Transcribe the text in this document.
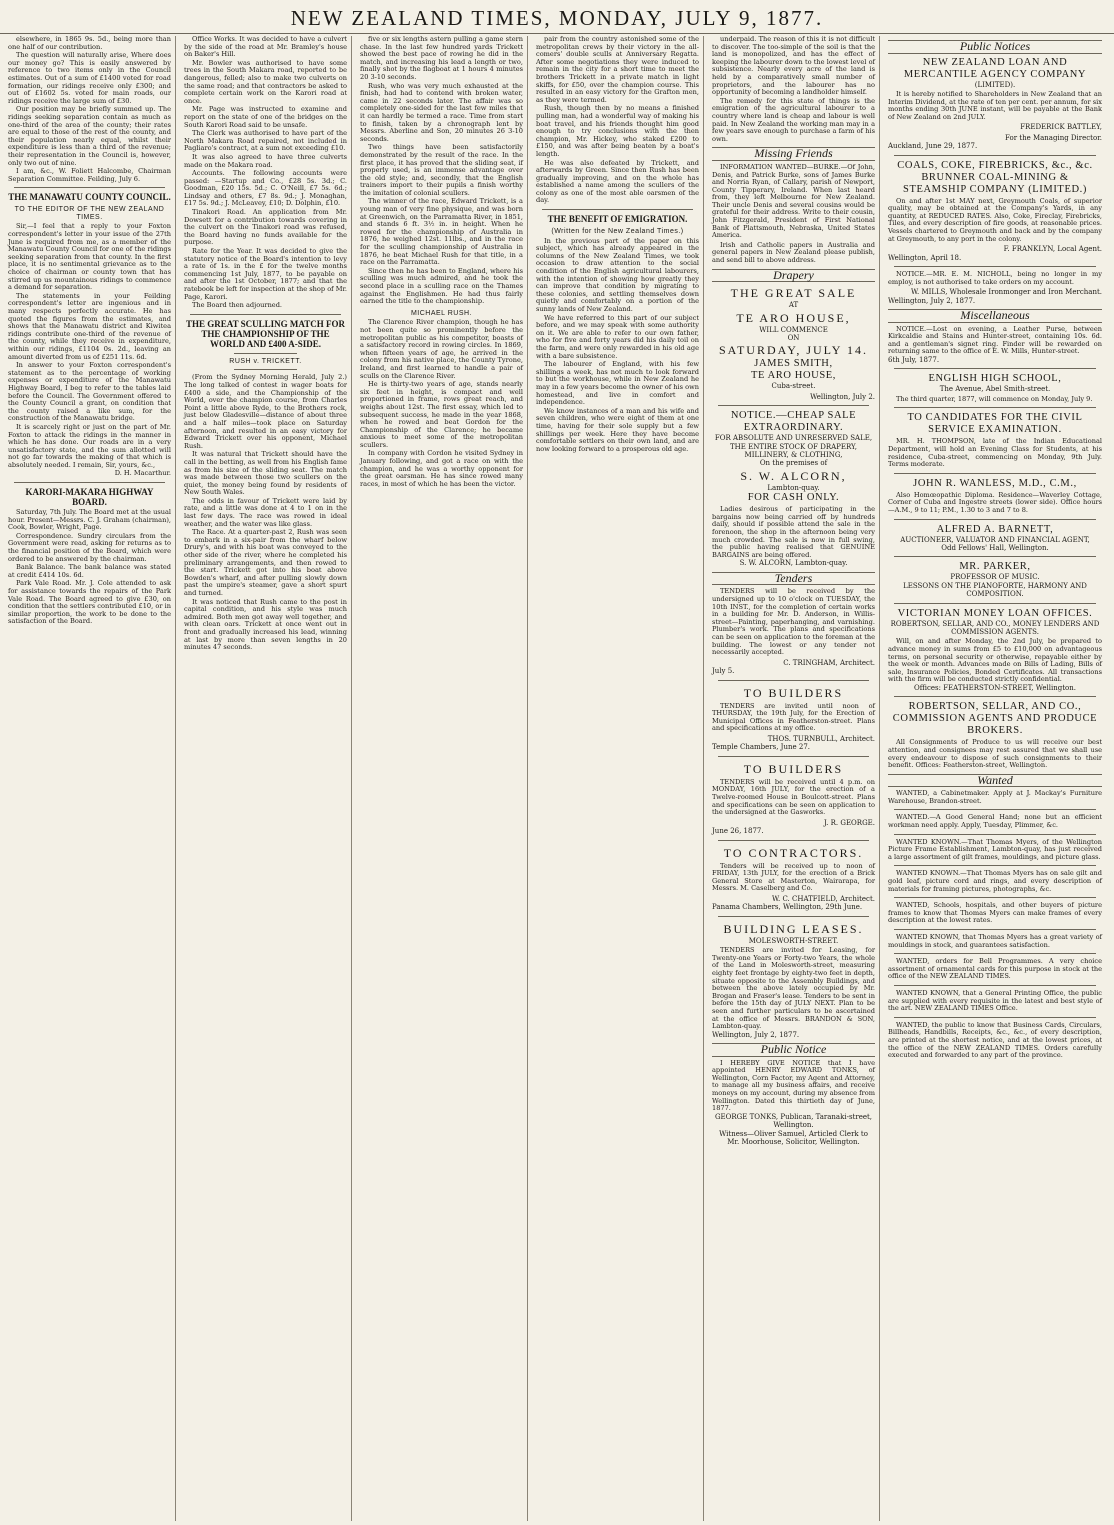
NEW ZEALAND TIMES, MONDAY, JULY 9, 1877.

elsewhere, in 1865 9s. 5d., being more than one half of our contribution.

The question will naturally arise, Where does our money go? This is easily answered by reference to two items only in the Council estimates. Out of a sum of £1400 voted for road formation, our ridings receive only £300; and out of £1602 5s. voted for main roads, our ridings receive the large sum of £30.

Our position may be briefly summed up. The ridings seeking separation contain as much as one-third of the area of the county; their rates are equal to those of the rest of the county, and their population nearly equal, whilst their expenditure is less than a third of the revenue; their representation in the Council is, however, only two out of nine.

I am, &c., W. Foliett Halcombe, Chairman Separation Committee. Feilding, July 6.

THE MANAWATU COUNTY COUNCIL.
TO THE EDITOR OF THE NEW ZEALAND TIMES.

Sir,—I feel that a reply to your Foxton correspondent's letter in your issue of the 27th June is required from me, as a member of the Manawatu County Council for one of the ridings seeking separation from that county. In the first place, it is no sentimental grievance as to the choice of chairman or county town that has stirred up us mountainous ridings to commence a demand for separation.

The statements in your Feilding correspondent's letter are ingenious and in many respects perfectly accurate. He has quoted the figures from the estimates, and shows that the Manawatu district and Kiwitea ridings contribute one-third of the revenue of the county, while they receive in expenditure, within our ridings, £1104 0s. 2d., leaving an amount diverted from us of £251 11s. 6d.

In answer to your Foxton correspondent's statement as to the percentage of working expenses or expenditure of the Manawatu Highway Board, I beg to refer to the tables laid before the Council. The Government offered to the County Council a grant, on condition that the county raised a like sum, for the construction of the Manawatu bridge.

It is scarcely right or just on the part of Mr. Foxton to attack the ridings in the manner in which he has done. Our roads are in a very unsatisfactory state, and the sum allotted will not go far towards the making of that which is absolutely needed. I remain, Sir, yours, &c.,

D. H. Macarthur.

KARORI-MAKARA HIGHWAY BOARD.

Saturday, 7th July. The Board met at the usual hour. Present—Messrs. C. J. Graham (chairman), Cook, Bowler, Wright, Page.

Correspondence. Sundry circulars from the Government were read, asking for returns as to the financial position of the Board, which were ordered to be answered by the chairman.

Bank Balance. The bank balance was stated at credit £414 10s. 6d.

Park Vale Road. Mr. J. Cole attended to ask for assistance towards the repairs of the Park Vale Road. The Board agreed to give £30, on condition that the settlers contributed £10, or in similar proportion, the work to be done to the satisfaction of the Board.

Office Works. It was decided to have a culvert by the side of the road at Mr. Bramley's house on Baker's Hill.

Mr. Bowler was authorised to have some trees in the South Makara road, reported to be dangerous, felled; also to make two culverts on the same road; and that contractors be asked to complete certain work on the Karori road at once.

Mr. Page was instructed to examine and report on the state of one of the bridges on the South Karori Road said to be unsafe.

The Clerk was authorised to have part of the North Makara Road repaired, not included in Pagliaro's contract, at a sum not exceeding £10.

It was also agreed to have three culverts made on the Makara road.

Accounts. The following accounts were passed: —Startup and Co., £28 5s. 3d.; C. Goodman, £20 15s. 5d.; C. O'Neill, £7 5s. 6d.; Lindsay and others, £7 8s. 9d.; J. Monaghan, £17 5s. 9d.; J. McLeavey, £10; D. Dolphin, £10.

Tinakori Road. An application from Mr. Dowsett for a contribution towards covering in the culvert on the Tinakori road was refused, the Board having no funds available for the purpose.

Rate for the Year. It was decided to give the statutory notice of the Board's intention to levy a rate of 1s. in the £ for the twelve months commencing 1st July, 1877, to be payable on and after the 1st October, 1877; and that the ratebook be left for inspection at the shop of Mr. Page, Karori.

The Board then adjourned.

THE GREAT SCULLING MATCH FOR THE CHAMPIONSHIP OF THE WORLD AND £400 A-SIDE.
RUSH v. TRICKETT.

(From the Sydney Morning Herald, July 2.) The long talked of contest in wager boats for £400 a side, and the Championship of the World, over the champion course, from Charles Point a little above Ryde, to the Brothers rock, just below Gladesville—distance of about three and a half miles—took place on Saturday afternoon, and resulted in an easy victory for Edward Trickett over his opponent, Michael Rush.

It was natural that Trickett should have the call in the betting, as well from his English fame as from his size of the sliding seat. The match was made between those two scullers on the quiet, the money being found by residents of New South Wales.

The odds in favour of Trickett were laid by rate, and a little was done at 4 to 1 on in the last few days. The race was rowed in ideal weather, and the water was like glass.

The Race. At a quarter-past 2, Rush was seen to embark in a six-pair from the wharf below Drury's, and with his boat was conveyed to the other side of the river, where he completed his preliminary arrangements, and then rowed to the start. Trickett got into his boat above Bowden's wharf, and after pulling slowly down past the umpire's steamer, gave a short spurt and turned.

It was noticed that Rush came to the post in capital condition, and his style was much admired. Both men got away well together, and with clean oars. Trickett at once went out in front and gradually increased his lead, winning at last by more than seven lengths in 20 minutes 47 seconds.

five or six lengths astern pulling a game stern chase. In the last few hundred yards Trickett showed the best pace of rowing he did in the match, and increasing his lead a length or two, finally shot by the flagboat at 1 hours 4 minutes 20 3-10 seconds.

Rush, who was very much exhausted at the finish, had had to contend with broken water, came in 22 seconds later. The affair was so completely one-sided for the last few miles that it can hardly be termed a race. Time from start to finish, taken by a chronograph lent by Messrs. Aberline and Son, 20 minutes 26 3-10 seconds.

Two things have been satisfactorily demonstrated by the result of the race. In the first place, it has proved that the sliding seat, if properly used, is an immense advantage over the old style; and, secondly, that the English trainers import to their pupils a finish worthy the imitation of colonial scullers.

The winner of the race, Edward Trickett, is a young man of very fine physique, and was born at Greenwich, on the Parramatta River, in 1851, and stands 6 ft. 3½ in. in height. When he rowed for the championship of Australia in 1876, he weighed 12st. 11lbs., and in the race for the sculling championship of Australia in 1876, he beat Michael Rush for that title, in a race on the Parramatta.

Since then he has been to England, where his sculling was much admired, and he took the second place in a sculling race on the Thames against the Englishmen. He had thus fairly earned the title to the championship.

MICHAEL RUSH.

The Clarence River champion, though he has not been quite so prominently before the metropolitan public as his competitor, boasts of a satisfactory record in rowing circles. In 1869, when fifteen years of age, he arrived in the colony from his native place, the County Tyrone, Ireland, and first learned to handle a pair of sculls on the Clarence River.

He is thirty-two years of age, stands nearly six feet in height, is compact and well proportioned in frame, rows great reach, and weighs about 12st. The first essay, which led to subsequent success, he made in the year 1868, when he rowed and beat Gordon for the Championship of the Clarence; he became anxious to meet some of the metropolitan scullers.

In company with Cordon he visited Sydney in January following, and got a race on with the champion, and he was a worthy opponent for the great oarsman. He has since rowed many races, in most of which he has been the victor.

pair from the country astonished some of the metropolitan crews by their victory in the all-comers' double sculls at Anniversary Regatta. After some negotiations they were induced to remain in the city for a short time to meet the brothers Trickett in a private match in light skiffs, for £50, over the champion course. This resulted in an easy victory for the Grafton men, as they were termed.

Rush, though then by no means a finished pulling man, had a wonderful way of making his boat travel, and his friends thought him good enough to try conclusions with the then champion, Mr. Hickey, who staked £200 to £150, and was after being beaten by a boat's length.

He was also defeated by Trickett, and afterwards by Green. Since then Rush has been gradually improving, and on the whole has established a name among the scullers of the colony as one of the most able oarsmen of the day.

THE BENEFIT OF EMIGRATION.
(Written for the New Zealand Times.)

In the previous part of the paper on this subject, which has already appeared in the columns of the New Zealand Times, we took occasion to draw attention to the social condition of the English agricultural labourers, with the intention of showing how greatly they can improve that condition by migrating to these colonies, and settling themselves down quietly and comfortably on a portion of the sunny lands of New Zealand.

We have referred to this part of our subject before, and we may speak with some authority on it. We are able to refer to our own father, who for five and forty years did his daily toil on the farm, and were only rewarded in his old age with a bare subsistence.

The labourer of England, with his few shillings a week, has not much to look forward to but the workhouse, while in New Zealand he may in a few years become the owner of his own homestead, and live in comfort and independence.

We know instances of a man and his wife and seven children, who were eight of them at one time, having for their sole supply but a few shillings per week. Here they have become comfortable settlers on their own land, and are now looking forward to a prosperous old age.

underpaid. The reason of this it is not difficult to discover. The too-simple of the soil is that the land is monopolized, and has the effect of keeping the labourer down to the lowest level of subsistence. Nearly every acre of the land is held by a comparatively small number of proprietors, and the labourer has no opportunity of becoming a landholder himself.

The remedy for this state of things is the emigration of the agricultural labourer to a country where land is cheap and labour is well paid. In New Zealand the working man may in a few years save enough to purchase a farm of his own.

Missing Friends
INFORMATION WANTED—BURKE.—Of John, Denis, and Patrick Burke, sons of James Burke and Norria Ryan, of Callary, parish of Newport, County Tipperary, Ireland. When last heard from, they left Melbourne for New Zealand. Their uncle Denis and several cousins would be grateful for their address. Write to their cousin, John Fitzgerald, President of First National Bank of Plattsmouth, Nebraska, United States America.
Irish and Catholic papers in Australia and general papers in New Zealand please publish, and send bill to above address.
Drapery
THE GREAT SALE
AT
TE ARO HOUSE,
WILL COMMENCE
ON
SATURDAY, JULY 14.
JAMES SMITH,
TE ARO HOUSE,
Cuba-street.
Wellington, July 2.
NOTICE.—CHEAP SALE EXTRAORDINARY.
FOR ABSOLUTE AND UNRESERVED SALE, THE ENTIRE STOCK OF DRAPERY, MILLINERY, & CLOTHING,
On the premises of
S. W. ALCORN,
Lambton-quay.
FOR CASH ONLY.
Ladies desirous of participating in the bargains now being carried off by hundreds daily, should if possible attend the sale in the forenoon, the shop in the afternoon being very much crowded. The sale is now in full swing, the public having realised that GENUINE BARGAINS are being offered.
S. W. ALCORN, Lambton-quay.
Tenders
TENDERS will be received by the undersigned up to 10 o'clock on TUESDAY, the 10th INST., for the completion of certain works in a building for Mr. D. Anderson, in Willis-street—Painting, paperhanging, and varnishing. Plumber's work. The plans and specifications can be seen on application to the foreman at the building. The lowest or any tender not necessarily accepted.
C. TRINGHAM, Architect.
July 5.
TO BUILDERS
TENDERS are invited until noon of THURSDAY, the 19th July, for the Erection of Municipal Offices in Featherston-street. Plans and specifications at my office.
THOS. TURNBULL, Architect.
Temple Chambers, June 27.
TO BUILDERS
TENDERS will be received until 4 p.m. on MONDAY, 16th JULY, for the erection of a Twelve-roomed House in Boulcott-street. Plans and specifications can be seen on application to the undersigned at the Gasworks.
J. R. GEORGE.
June 26, 1877.
TO CONTRACTORS.
Tenders will be received up to noon of FRIDAY, 13th JULY, for the erection of a Brick General Store at Masterton, Wairarapa, for Messrs. M. Caselberg and Co.
W. C. CHATFIELD, Architect.
Panama Chambers, Wellington, 29th June.
BUILDING LEASES.
MOLESWORTH-STREET.
TENDERS are invited for Leasing, for Twenty-one Years or Forty-two Years, the whole of the Land in Molesworth-street, measuring eighty feet frontage by eighty-two feet in depth, situate opposite to the Assembly Buildings, and between the above lately occupied by Mr. Brogan and Fraser's lease. Tenders to be sent in before the 15th day of JULY NEXT. Plan to be seen and further particulars to be ascertained at the office of Messrs. BRANDON & SON, Lambton-quay.
Wellington, July 2, 1877.
Public Notice
I HEREBY GIVE NOTICE that I have appointed HENRY EDWARD TONKS, of Wellington, Corn Factor, my Agent and Attorney, to manage all my business affairs, and receive moneys on my account, during my absence from Wellington. Dated this thirtieth day of June, 1877.
GEORGE TONKS, Publican, Taranaki-street, Wellington.
Witness—Oliver Samuel, Articled Clerk to Mr. Moorhouse, Solicitor, Wellington.
Public Notices
NEW ZEALAND LOAN AND MERCANTILE AGENCY COMPANY
(LIMITED).
It is hereby notified to Shareholders in New Zealand that an Interim Dividend, at the rate of ten per cent. per annum, for six months ending 30th JUNE instant, will be payable at the Bank of New Zealand on 2nd JULY.
FREDERICK BATTLEY,
For the Managing Director.
Auckland, June 29, 1877.
COALS, COKE, FIREBRICKS, &c., &c.
BRUNNER COAL-MINING & STEAMSHIP COMPANY (LIMITED.)
On and after 1st MAY next, Greymouth Coals, of superior quality, may be obtained at the Company's Yards, in any quantity, at REDUCED RATES. Also, Coke, Fireclay, Firebricks, Tiles, and every description of fire goods, at reasonable prices. Vessels chartered to Greymouth and back and by the company at Greymouth, to any port in the colony.
F. FRANKLYN, Local Agent.
Wellington, April 18.
NOTICE.—MR. E. M. NICHOLL, being no longer in my employ, is not authorised to take orders on my account.
W. MILLS, Wholesale Ironmonger and Iron Merchant.
Wellington, July 2, 1877.
Miscellaneous
NOTICE.—Lost on evening, a Leather Purse, between Kirkcaldie and Stains and Hunter-street, containing 10s. 6d. and a gentleman's signet ring. Finder will be rewarded on returning same to the office of E. W. Mills, Hunter-street.
6th July, 1877.
ENGLISH HIGH SCHOOL,
The Avenue, Abel Smith-street.
The third quarter, 1877, will commence on Monday, July 9.
TO CANDIDATES FOR THE CIVIL SERVICE EXAMINATION.
MR. H. THOMPSON, late of the Indian Educational Department, will hold an Evening Class for Students, at his residence, Cuba-street, commencing on Monday, 9th July. Terms moderate.
JOHN R. WANLESS, M.D., C.M.,
Also Homœopathic Diploma. Residence—Waverley Cottage, Corner of Cuba and Ingestre streets (lower side). Office hours—A.M., 9 to 11; P.M., 1.30 to 3 and 7 to 8.
ALFRED A. BARNETT,
AUCTIONEER, VALUATOR AND FINANCIAL AGENT,
Odd Fellows' Hall, Wellington.
MR. PARKER,
PROFESSOR OF MUSIC.
LESSONS ON THE PIANOFORTE, HARMONY AND COMPOSITION.
VICTORIAN MONEY LOAN OFFICES.
ROBERTSON, SELLAR, AND CO., MONEY LENDERS AND COMMISSION AGENTS.
Will, on and after Monday, the 2nd July, be prepared to advance money in sums from £5 to £10,000 on advantageous terms, on personal security or otherwise, repayable either by the week or month. Advances made on Bills of Lading, Bills of sale, Insurance Policies, Bonded Certificates. All transactions with the firm will be conducted strictly confidential.
Offices: FEATHERSTON-STREET, Wellington.
ROBERTSON, SELLAR, AND CO., COMMISSION AGENTS AND PRODUCE BROKERS.
All Consignments of Produce to us will receive our best attention, and consignees may rest assured that we shall use every endeavour to dispose of such consignments to their benefit. Offices: Featherston-street, Wellington.
Wanted

WANTED, a Cabinetmaker. Apply at J. Mackay's Furniture Warehouse, Brandon-street.

WANTED.—A Good General Hand; none but an efficient workman need apply. Apply, Tuesday, Plimmer, &c.

WANTED KNOWN.—That Thomas Myers, of the Wellington Picture Frame Establishment, Lambton-quay, has just received a large assortment of gilt frames, mouldings, and picture glass.

WANTED KNOWN.—That Thomas Myers has on sale gilt and gold leaf, picture cord and rings, and every description of materials for framing pictures, photographs, &c.

WANTED, Schools, hospitals, and other buyers of picture frames to know that Thomas Myers can make frames of every description at the lowest rates.

WANTED KNOWN, that Thomas Myers has a great variety of mouldings in stock, and guarantees satisfaction.

WANTED, orders for Bell Programmes. A very choice assortment of ornamental cards for this purpose in stock at the office of the NEW ZEALAND TIMES.

WANTED KNOWN, that a General Printing Office, the public are supplied with every requisite in the latest and best style of the art. NEW ZEALAND TIMES Office.

WANTED, the public to know that Business Cards, Circulars, Billheads, Handbills, Receipts, &c., &c., of every description, are printed at the shortest notice, and at the lowest prices, at the office of the NEW ZEALAND TIMES. Orders carefully executed and forwarded to any part of the province.
